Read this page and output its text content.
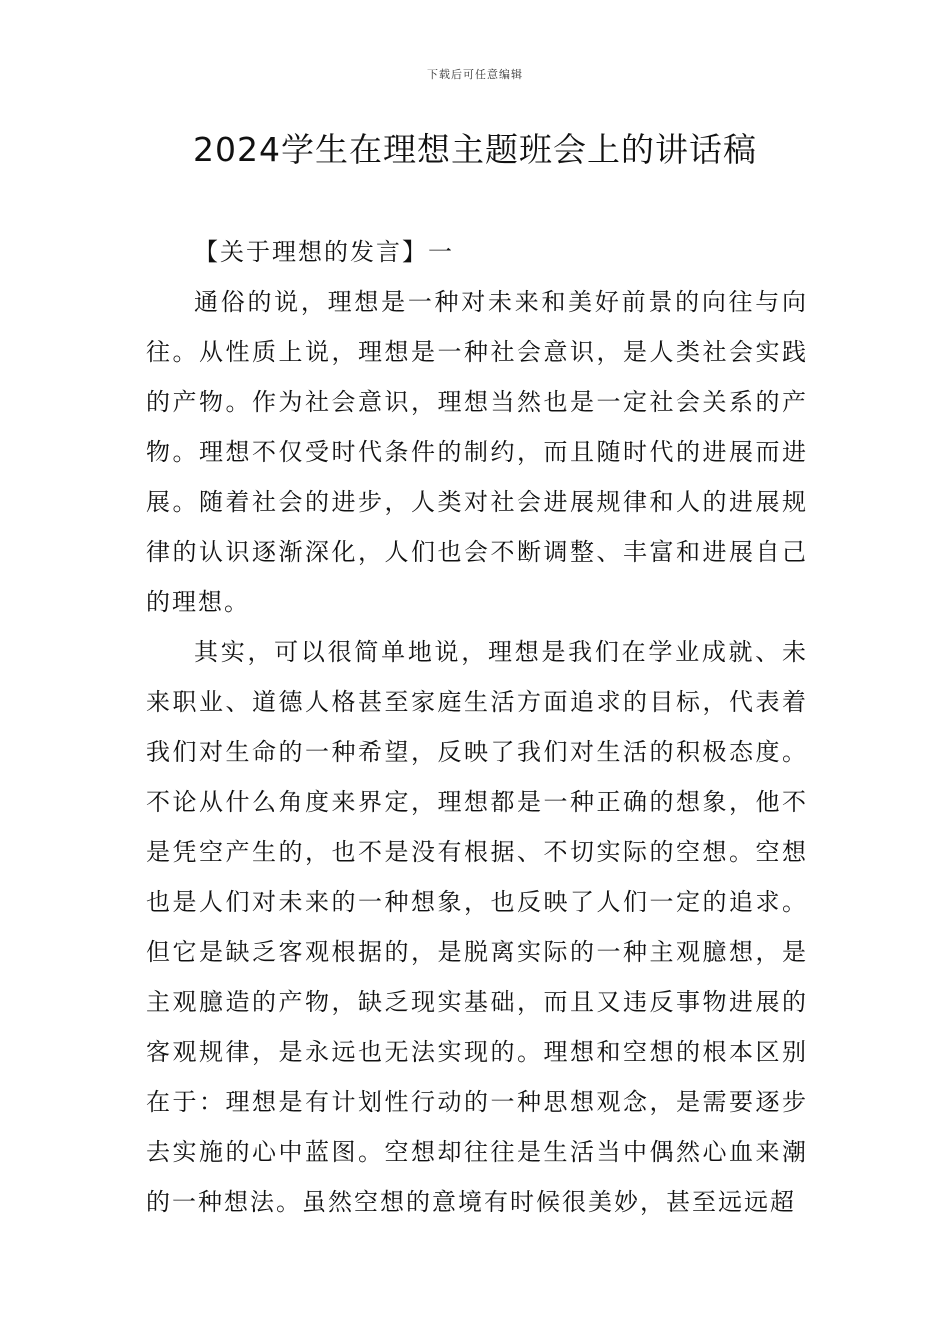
下载后可任意编辑
2024学生在理想主题班会上的讲话稿

【关于理想的发言】一

通俗的说，理想是一种对未来和美好前景的向往与向往。从性质上说，理想是一种社会意识，是人类社会实践的产物。作为社会意识，理想当然也是一定社会关系的产物。理想不仅受时代条件的制约，而且随时代的进展而进展。随着社会的进步，人类对社会进展规律和人的进展规律的认识逐渐深化，人们也会不断调整、丰富和进展自己的理想。

其实，可以很简单地说，理想是我们在学业成就、未来职业、道德人格甚至家庭生活方面追求的目标，代表着我们对生命的一种希望，反映了我们对生活的积极态度。不论从什么角度来界定，理想都是一种正确的想象，他不是凭空产生的，也不是没有根据、不切实际的空想。空想也是人们对未来的一种想象，也反映了人们一定的追求。但它是缺乏客观根据的，是脱离实际的一种主观臆想，是主观臆造的产物，缺乏现实基础，而且又违反事物进展的客观规律，是永远也无法实现的。理想和空想的根本区别在于：理想是有计划性行动的一种思想观念，是需要逐步去实施的心中蓝图。空想却往往是生活当中偶然心血来潮的一种想法。虽然空想的意境有时候很美妙，甚至远远超
